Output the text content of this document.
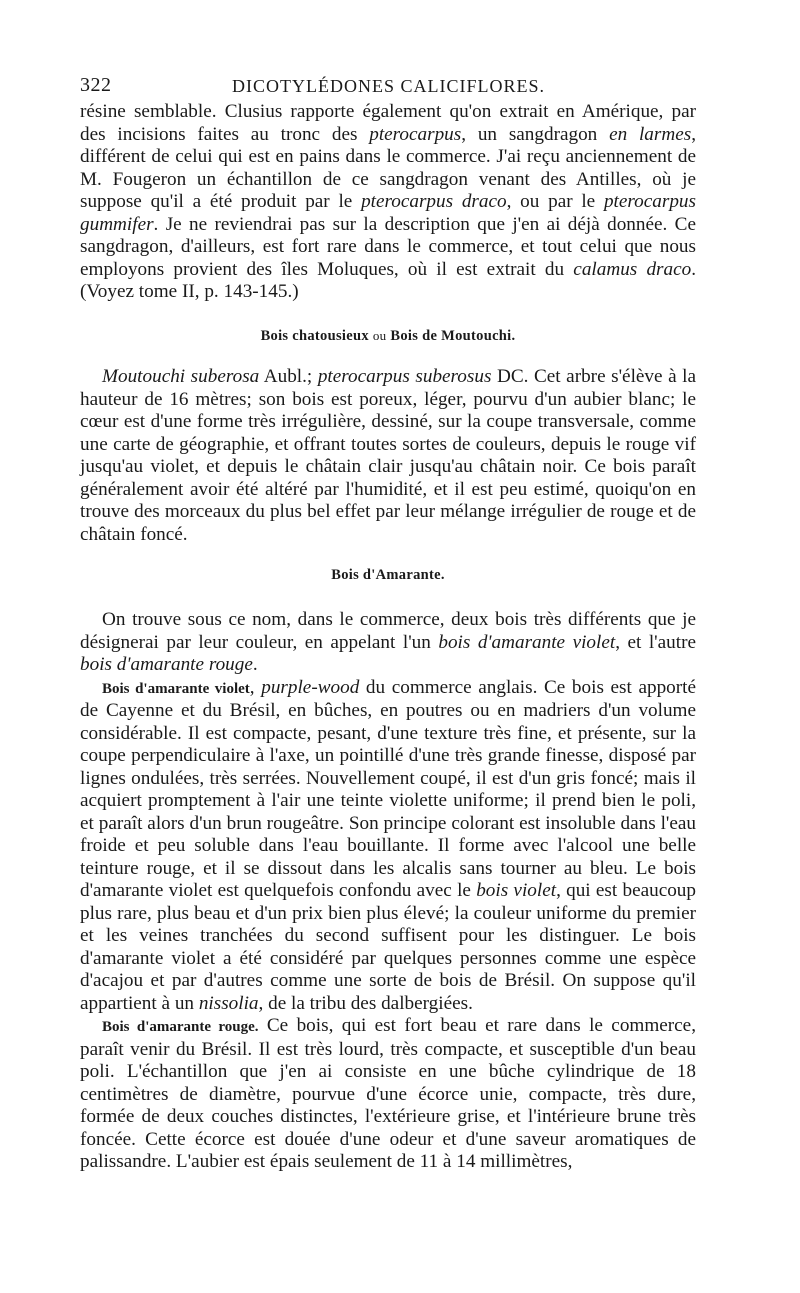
322	DICOTYLÉDONES CALICIFLORES.

résine semblable. Clusius rapporte également qu'on extrait en Amérique, par des incisions faites au tronc des pterocarpus, un sangdragon en larmes, différent de celui qui est en pains dans le commerce. J'ai reçu anciennement de M. Fougeron un échantillon de ce sangdragon venant des Antilles, où je suppose qu'il a été produit par le pterocarpus draco, ou par le pterocarpus gummifer. Je ne reviendrai pas sur la description que j'en ai déjà donnée. Ce sangdragon, d'ailleurs, est fort rare dans le commerce, et tout celui que nous employons provient des îles Moluques, où il est extrait du calamus draco. (Voyez tome II, p. 143-145.)

Bois chatousieux ou Bois de Moutouchi.

Moutouchi suberosa Aubl.; pterocarpus suberosus DC. Cet arbre s'élève à la hauteur de 16 mètres; son bois est poreux, léger, pourvu d'un aubier blanc; le cœur est d'une forme très irrégulière, dessiné, sur la coupe transversale, comme une carte de géographie, et offrant toutes sortes de couleurs, depuis le rouge vif jusqu'au violet, et depuis le châtain clair jusqu'au châtain noir. Ce bois paraît généralement avoir été altéré par l'humidité, et il est peu estimé, quoiqu'on en trouve des morceaux du plus bel effet par leur mélange irrégulier de rouge et de châtain foncé.

Bois d'Amarante.

On trouve sous ce nom, dans le commerce, deux bois très différents que je désignerai par leur couleur, en appelant l'un bois d'amarante violet, et l'autre bois d'amarante rouge.

Bois d'amarante violet, purple-wood du commerce anglais. Ce bois est apporté de Cayenne et du Brésil, en bûches, en poutres ou en madriers d'un volume considérable. Il est compacte, pesant, d'une texture très fine, et présente, sur la coupe perpendiculaire à l'axe, un pointillé d'une très grande finesse, disposé par lignes ondulées, très serrées. Nouvellement coupé, il est d'un gris foncé; mais il acquiert promptement à l'air une teinte violette uniforme; il prend bien le poli, et paraît alors d'un brun rougeâtre. Son principe colorant est insoluble dans l'eau froide et peu soluble dans l'eau bouillante. Il forme avec l'alcool une belle teinture rouge, et il se dissout dans les alcalis sans tourner au bleu. Le bois d'amarante violet est quelquefois confondu avec le bois violet, qui est beaucoup plus rare, plus beau et d'un prix bien plus élevé; la couleur uniforme du premier et les veines tranchées du second suffisent pour les distinguer. Le bois d'amarante violet a été considéré par quelques personnes comme une espèce d'acajou et par d'autres comme une sorte de bois de Brésil. On suppose qu'il appartient à un nissolia, de la tribu des dalbergiées.

Bois d'amarante rouge. Ce bois, qui est fort beau et rare dans le commerce, paraît venir du Brésil. Il est très lourd, très compacte, et susceptible d'un beau poli. L'échantillon que j'en ai consiste en une bûche cylindrique de 18 centimètres de diamètre, pourvue d'une écorce unie, compacte, très dure, formée de deux couches distinctes, l'extérieure grise, et l'intérieure brune très foncée. Cette écorce est douée d'une odeur et d'une saveur aromatiques de palissandre. L'aubier est épais seulement de 11 à 14 millimètres,
